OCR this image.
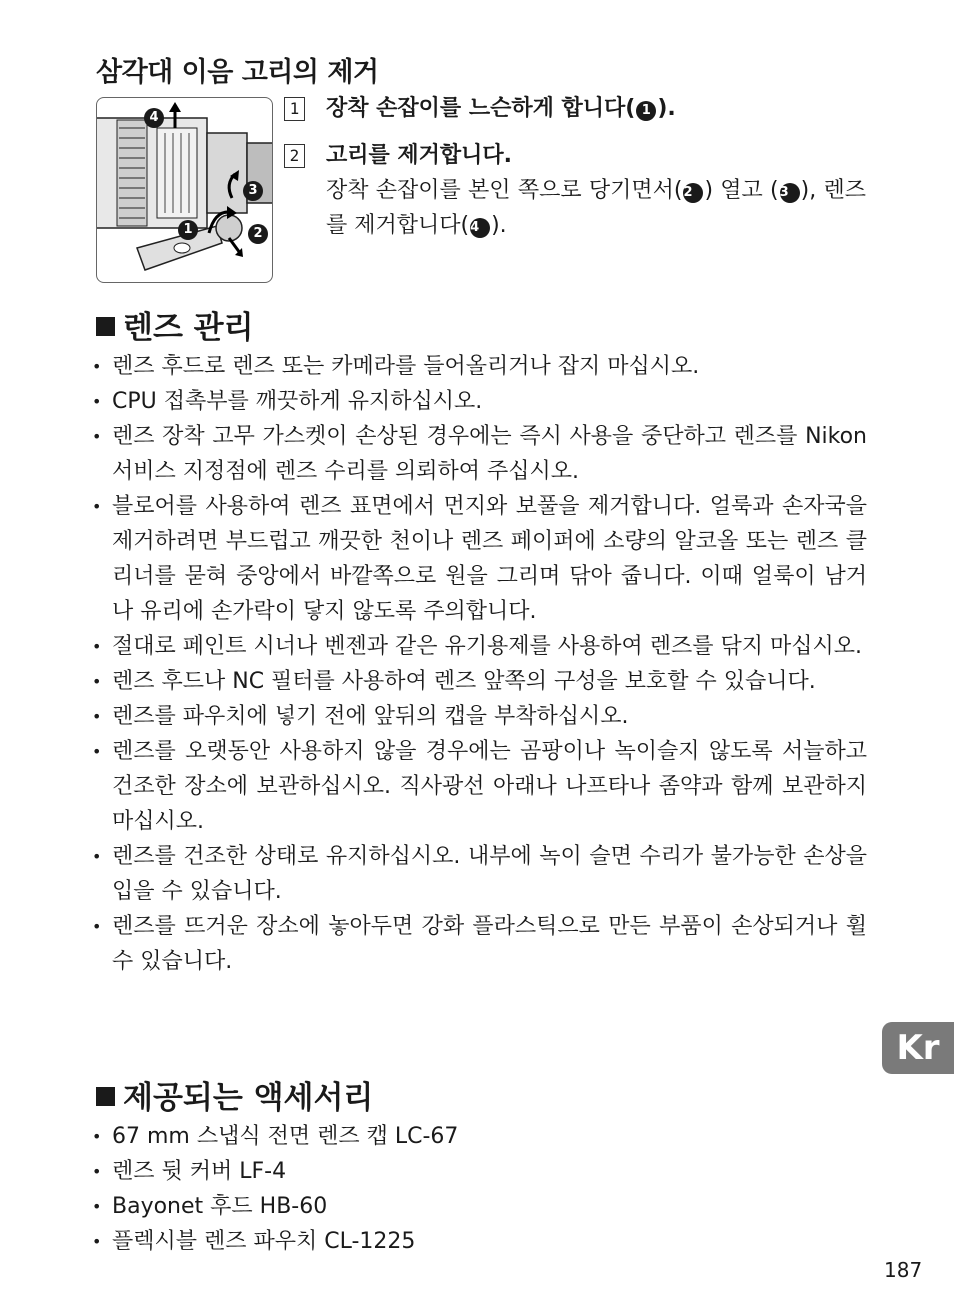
삼각대 이음 고리의 제거
4
3
1	2
1 장착 손잡이를 느슨하게 합니다( 1 ).
2 고리를 제거합니다.
장착 손잡이를 본인 쪽으로 당기면서(2 ) 열고 (3 ), 렌즈를 제거합니다(4 ).
렌즈 관리
• 렌즈 후드로 렌즈 또는 카메라를 들어올리거나 잡지 마십시오.
• CPU 접촉부를 깨끗하게 유지하십시오.
• 렌즈 장착 고무 가스켓이 손상된 경우에는 즉시 사용을 중단하고 렌즈를 Nikon 서비스 지정점에 렌즈 수리를 의뢰하여 주십시오.
• 블로어를 사용하여 렌즈 표면에서 먼지와 보풀을 제거합니다. 얼룩과 손자국을 제거하려면 부드럽고 깨끗한 천이나 렌즈 페이퍼에 소량의 알코올 또는 렌즈 클리너를 묻혀 중앙에서 바깥쪽으로 원을 그리며 닦아 줍니다. 이때 얼룩이 남거나 유리에 손가락이 닿지 않도록 주의합니다.
• 절대로 페인트 시너나 벤젠과 같은 유기용제를 사용하여 렌즈를 닦지 마십시오.
• 렌즈 후드나 NC 필터를 사용하여 렌즈 앞쪽의 구성을 보호할 수 있습니다.
• 렌즈를 파우치에 넣기 전에 앞뒤의 캡을 부착하십시오.
• 렌즈를 오랫동안 사용하지 않을 경우에는 곰팡이나 녹이슬지 않도록 서늘하고 건조한 장소에 보관하십시오. 직사광선 아래나 나프타나 좀약과 함께 보관하지 마십시오.
• 렌즈를 건조한 상태로 유지하십시오. 내부에 녹이 슬면 수리가 불가능한 손상을 입을 수 있습니다.
• 렌즈를 뜨거운 장소에 놓아두면 강화 플라스틱으로 만든 부품이 손상되거나 휠 수 있습니다.
제공되는 액세서리
• 67 mm 스냅식 전면 렌즈 캡 LC-67
• 렌즈 뒷 커버 LF-4
• Bayonet 후드 HB-60
• 플렉시블 렌즈 파우치 CL-1225
Kr
187
